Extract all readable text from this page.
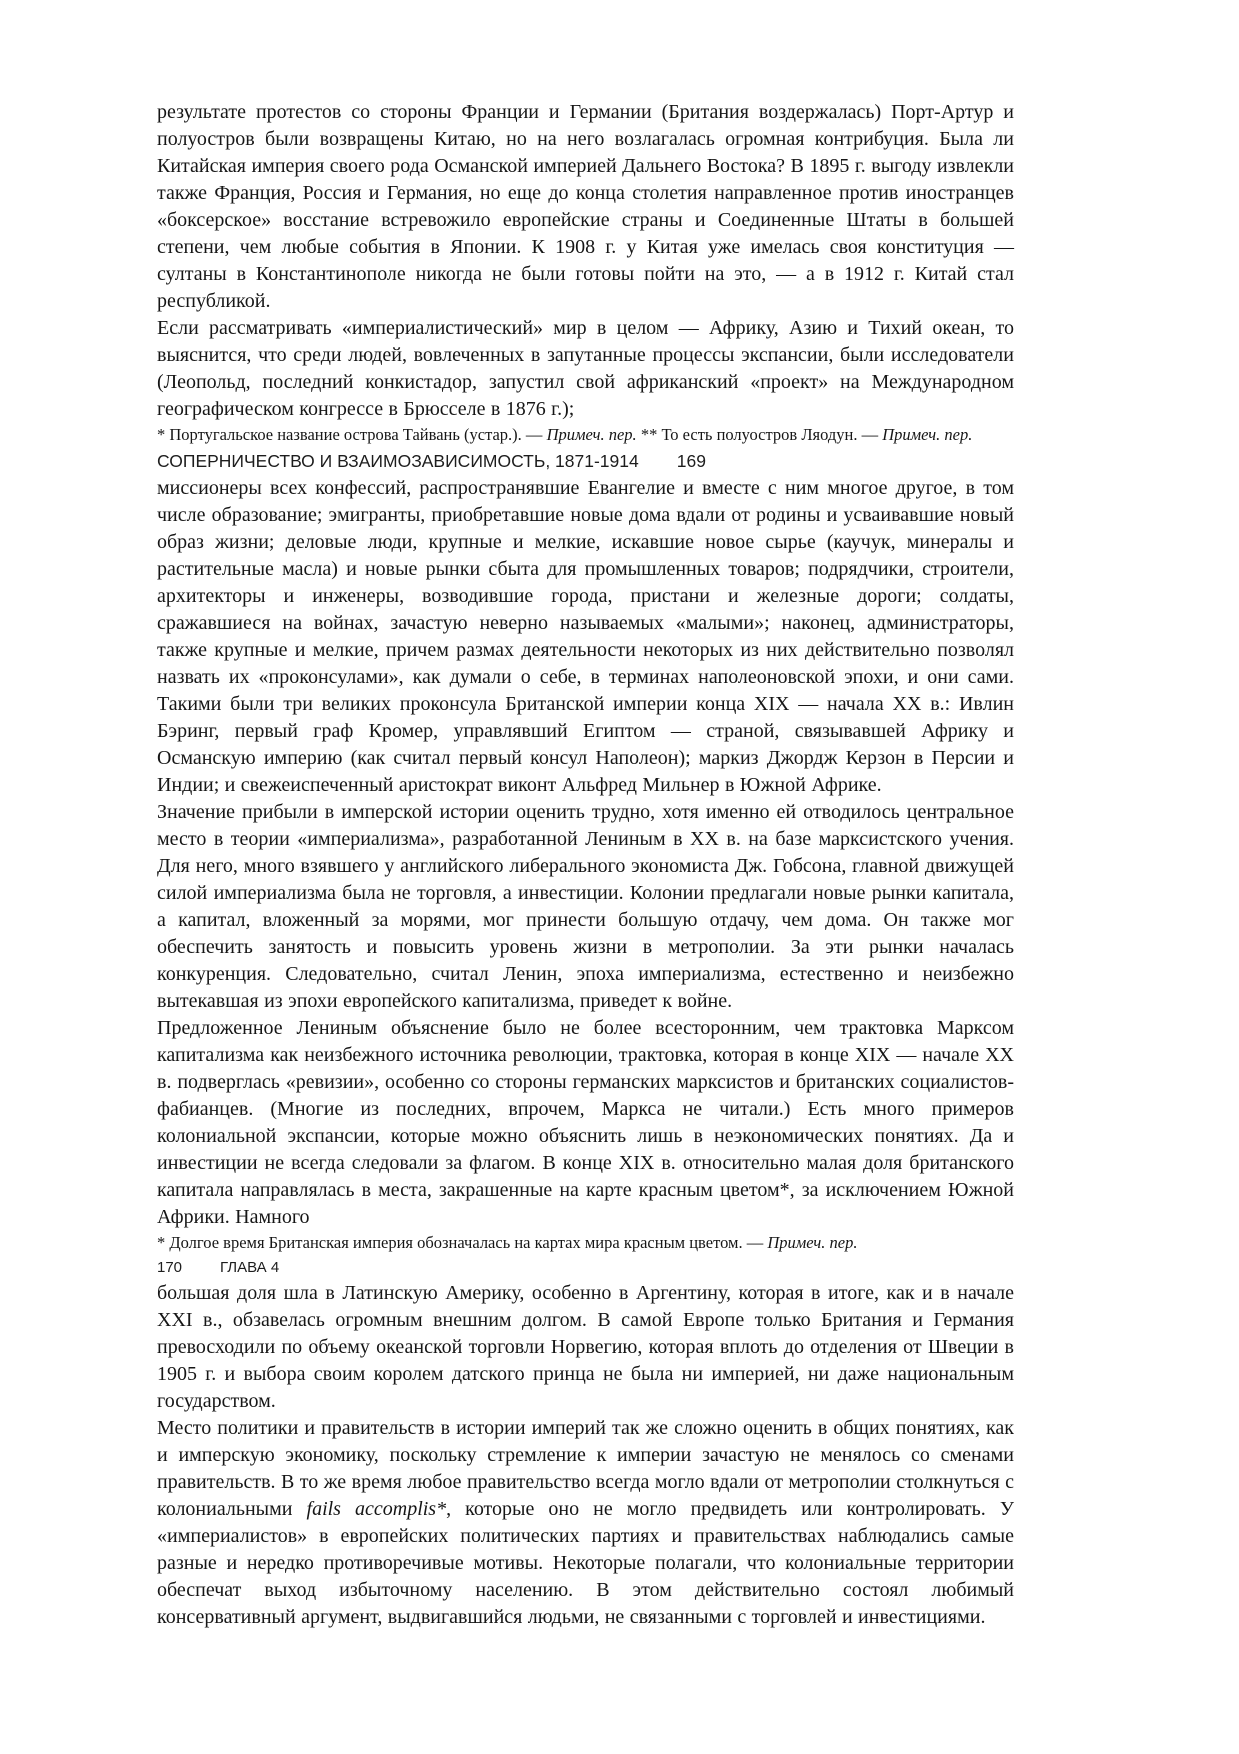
результате протестов со стороны Франции и Германии (Британия воздержалась) Порт-Артур и полуостров были возвращены Китаю, но на него возлагалась огромная контрибуция. Была ли Китайская империя своего рода Османской империей Дальнего Востока? В 1895 г. выгоду извлекли также Франция, Россия и Германия, но еще до конца столетия направленное против иностранцев «боксерское» восстание встревожило европейские страны и Соединенные Штаты в большей степени, чем любые события в Японии. К 1908 г. у Китая уже имелась своя конституция — султаны в Константинополе никогда не были готовы пойти на это, — а в 1912 г. Китай стал республикой.

Если рассматривать «империалистический» мир в целом — Африку, Азию и Тихий океан, то выяснится, что среди людей, вовлеченных в запутанные процессы экспансии, были исследователи (Леопольд, последний конкистадор, запустил свой африканский «проект» на Международном географическом конгрессе в Брюсселе в 1876 г.);

* Португальское название острова Тайвань (устар.). — Примеч. пер. ** То есть полуостров Ляодун. — Примеч. пер.

СОПЕРНИЧЕСТВО И ВЗАИМОЗАВИСИМОСТЬ, 1871-1914 169

миссионеры всех конфессий, распространявшие Евангелие и вместе с ним многое другое, в том числе образование; эмигранты, приобретавшие новые дома вдали от родины и усваивавшие новый образ жизни; деловые люди, крупные и мелкие, искавшие новое сырье (каучук, минералы и растительные масла) и новые рынки сбыта для промышленных товаров; подрядчики, строители, архитекторы и инженеры, возводившие города, пристани и железные дороги; солдаты, сражавшиеся на войнах, зачастую неверно называемых «малыми»; наконец, администраторы, также крупные и мелкие, причем размах деятельности некоторых из них действительно позволял назвать их «проконсулами», как думали о себе, в терминах наполеоновской эпохи, и они сами. Такими были три великих проконсула Британской империи конца XIX — начала XX в.: Ивлин Бэринг, первый граф Кромер, управлявший Египтом — страной, связывавшей Африку и Османскую империю (как считал первый консул Наполеон); маркиз Джордж Керзон в Персии и Индии; и свежеиспеченный аристократ виконт Альфред Мильнер в Южной Африке.

Значение прибыли в имперской истории оценить трудно, хотя именно ей отводилось центральное место в теории «империализма», разработанной Лениным в XX в. на базе марксистского учения. Для него, много взявшего у английского либерального экономиста Дж. Гобсона, главной движущей силой империализма была не торговля, а инвестиции. Колонии предлагали новые рынки капитала, а капитал, вложенный за морями, мог принести большую отдачу, чем дома. Он также мог обеспечить занятость и повысить уровень жизни в метрополии. За эти рынки началась конкуренция. Следовательно, считал Ленин, эпоха империализма, естественно и неизбежно вытекавшая из эпохи европейского капитализма, приведет к войне.

Предложенное Лениным объяснение было не более всесторонним, чем трактовка Марксом капитализма как неизбежного источника революции, трактовка, которая в конце XIX — начале XX в. подверглась «ревизии», особенно со стороны германских марксистов и британских социалистов-фабианцев. (Многие из последних, впрочем, Маркса не читали.) Есть много примеров колониальной экспансии, которые можно объяснить лишь в неэкономических понятиях. Да и инвестиции не всегда следовали за флагом. В конце XIX в. относительно малая доля британского капитала направлялась в места, закрашенные на карте красным цветом*, за исключением Южной Африки. Намного

* Долгое время Британская империя обозначалась на картах мира красным цветом. — Примеч. пер.

170	ГЛАВА 4

большая доля шла в Латинскую Америку, особенно в Аргентину, которая в итоге, как и в начале XXI в., обзавелась огромным внешним долгом. В самой Европе только Британия и Германия превосходили по объему океанской торговли Норвегию, которая вплоть до отделения от Швеции в 1905 г. и выбора своим королем датского принца не была ни империей, ни даже национальным государством.

Место политики и правительств в истории империй так же сложно оценить в общих понятиях, как и имперскую экономику, поскольку стремление к империи зачастую не менялось со сменами правительств. В то же время любое правительство всегда могло вдали от метрополии столкнуться с колониальными fails accomplis*, которые оно не могло предвидеть или контролировать. У «империалистов» в европейских политических партиях и правительствах наблюдались самые разные и нередко противоречивые мотивы. Некоторые полагали, что колониальные территории обеспечат выход избыточному населению. В этом действительно состоял любимый консервативный аргумент, выдвигавшийся людьми, не связанными с торговлей и инвестициями.
